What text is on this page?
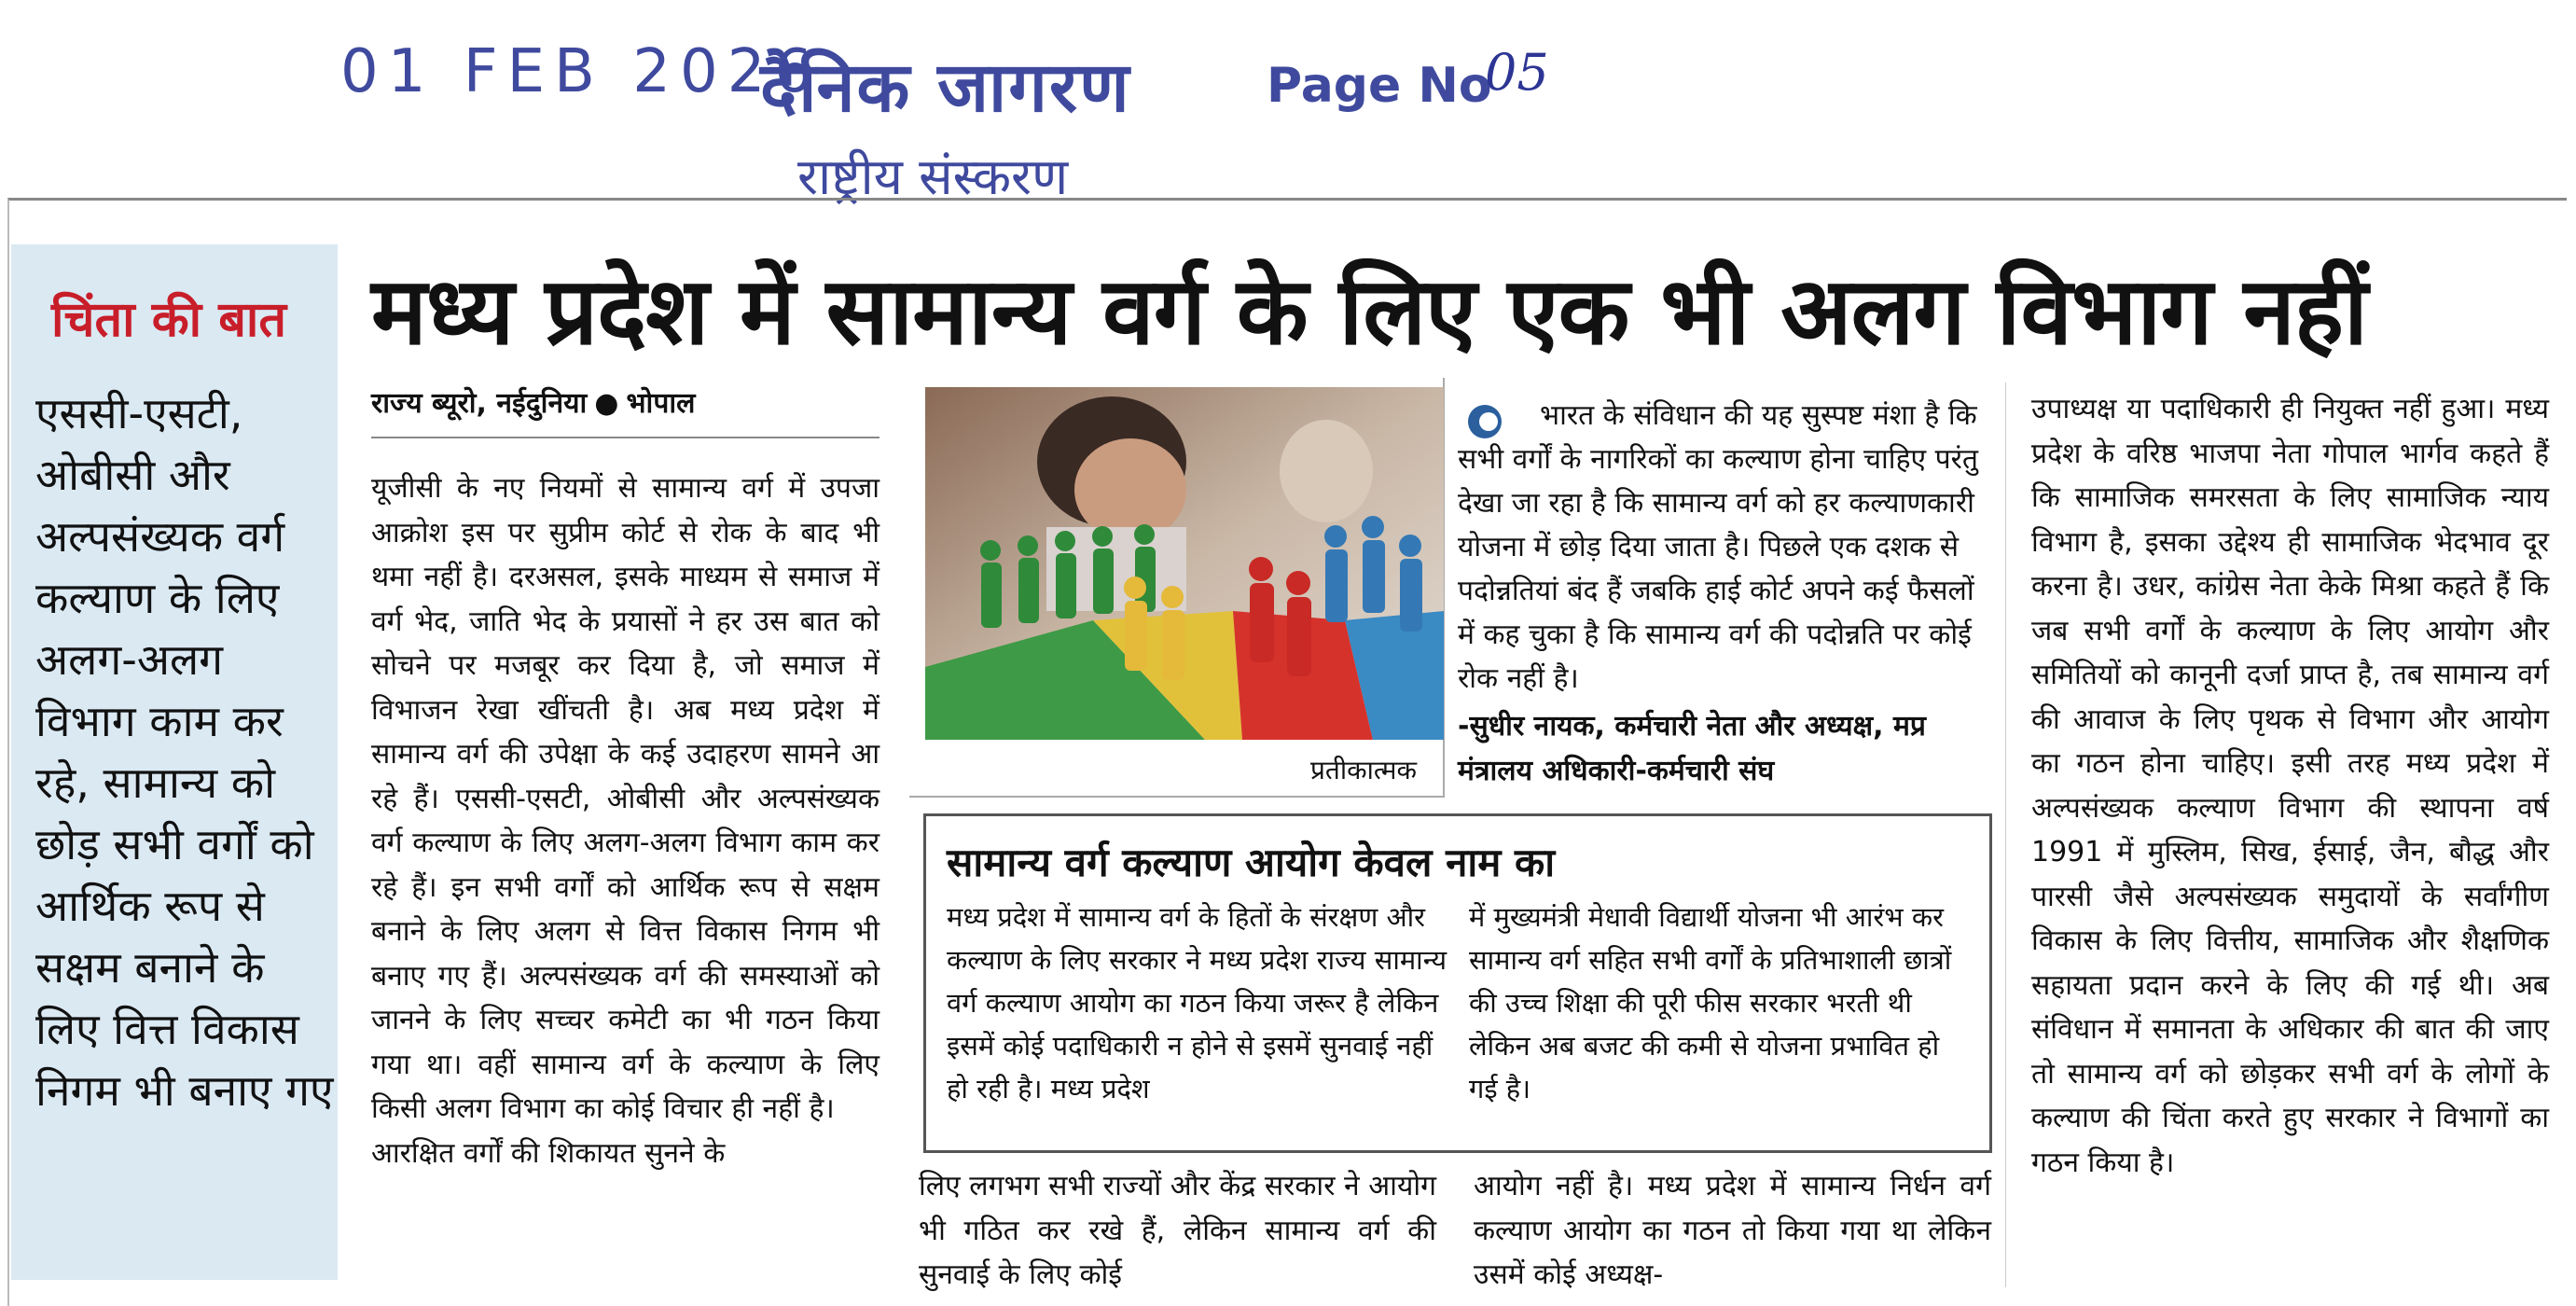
01 FEB 2026
दैनिक जागरण	Page No
05
राष्ट्रीय संस्करण
चिंता की बात

एससी-एसटी, ओबीसी और अल्पसंख्यक वर्ग कल्याण के लिए अलग-अलग विभाग काम कर रहे, सामान्य को छोड़ सभी वर्गों को आर्थिक रूप से सक्षम बनाने के लिए वित्त विकास निगम भी बनाए गए

मध्य प्रदेश में सामान्य वर्ग के लिए एक भी अलग विभाग नहीं
राज्य ब्यूरो, नईदुनिया ● भोपाल

यूजीसी के नए नियमों से सामान्य वर्ग में उपजा आक्रोश इस पर सुप्रीम कोर्ट से रोक के बाद भी थमा नहीं है। दरअसल, इसके माध्यम से समाज में वर्ग भेद, जाति भेद के प्रयासों ने हर उस बात को सोचने पर मजबूर कर दिया है, जो समाज में विभाजन रेखा खींचती है। अब मध्य प्रदेश में सामान्य वर्ग की उपेक्षा के कई उदाहरण सामने आ रहे हैं। एससी-एसटी, ओबीसी और अल्पसंख्यक वर्ग कल्याण के लिए अलग-अलग विभाग काम कर रहे हैं। इन सभी वर्गों को आर्थिक रूप से सक्षम बनाने के लिए अलग से वित्त विकास निगम भी बनाए गए हैं। अल्पसंख्यक वर्ग की समस्याओं को जानने के लिए सच्चर कमेटी का भी गठन किया गया था। वहीं सामान्य वर्ग के कल्याण के लिए किसी अलग विभाग का कोई विचार ही नहीं है।
आरक्षित वर्गों की शिकायत सुनने के

प्रतीकात्मक

भारत के संविधान की यह सुस्पष्ट मंशा है कि सभी वर्गों के नागरिकों का कल्याण होना चाहिए परंतु देखा जा रहा है कि सामान्य वर्ग को हर कल्याणकारी योजना में छोड़ दिया जाता है। पिछले एक दशक से पदोन्नतियां बंद हैं जबकि हाई कोर्ट अपने कई फैसलों में कह चुका है कि सामान्य वर्ग की पदोन्नति पर कोई रोक नहीं है।

-सुधीर नायक, कर्मचारी नेता और अध्यक्ष, मप्र मंत्रालय अधिकारी-कर्मचारी संघ

सामान्य वर्ग कल्याण आयोग केवल नाम का

मध्य प्रदेश में सामान्य वर्ग के हितों के संरक्षण और कल्याण के लिए सरकार ने मध्य प्रदेश राज्य सामान्य वर्ग कल्याण आयोग का गठन किया जरूर है लेकिन इसमें कोई पदाधिकारी न होने से इसमें सुनवाई नहीं हो रही है। मध्य प्रदेश

में मुख्यमंत्री मेधावी विद्यार्थी योजना भी आरंभ कर सामान्य वर्ग सहित सभी वर्गों के प्रतिभाशाली छात्रों की उच्च शिक्षा की पूरी फीस सरकार भरती थी लेकिन अब बजट की कमी से योजना प्रभावित हो गई है।

लिए लगभग सभी राज्यों और केंद्र सरकार ने आयोग भी गठित कर रखे हैं, लेकिन सामान्य वर्ग की सुनवाई के लिए कोई

आयोग नहीं है। मध्य प्रदेश में सामान्य निर्धन वर्ग कल्याण आयोग का गठन तो किया गया था लेकिन उसमें कोई अध्यक्ष-

उपाध्यक्ष या पदाधिकारी ही नियुक्त नहीं हुआ। मध्य प्रदेश के वरिष्ठ भाजपा नेता गोपाल भार्गव कहते हैं कि सामाजिक समरसता के लिए सामाजिक न्याय विभाग है, इसका उद्देश्य ही सामाजिक भेदभाव दूर करना है। उधर, कांग्रेस नेता केके मिश्रा कहते हैं कि जब सभी वर्गों के कल्याण के लिए आयोग और समितियों को कानूनी दर्जा प्राप्त है, तब सामान्य वर्ग की आवाज के लिए पृथक से विभाग और आयोग का गठन होना चाहिए। इसी तरह मध्य प्रदेश में अल्पसंख्यक कल्याण विभाग की स्थापना वर्ष 1991 में मुस्लिम, सिख, ईसाई, जैन, बौद्ध और पारसी जैसे अल्पसंख्यक समुदायों के सर्वांगीण विकास के लिए वित्तीय, सामाजिक और शैक्षणिक सहायता प्रदान करने के लिए की गई थी। अब संविधान में समानता के अधिकार की बात की जाए तो सामान्य वर्ग को छोड़कर सभी वर्ग के लोगों के कल्याण की चिंता करते हुए सरकार ने विभागों का गठन किया है।
